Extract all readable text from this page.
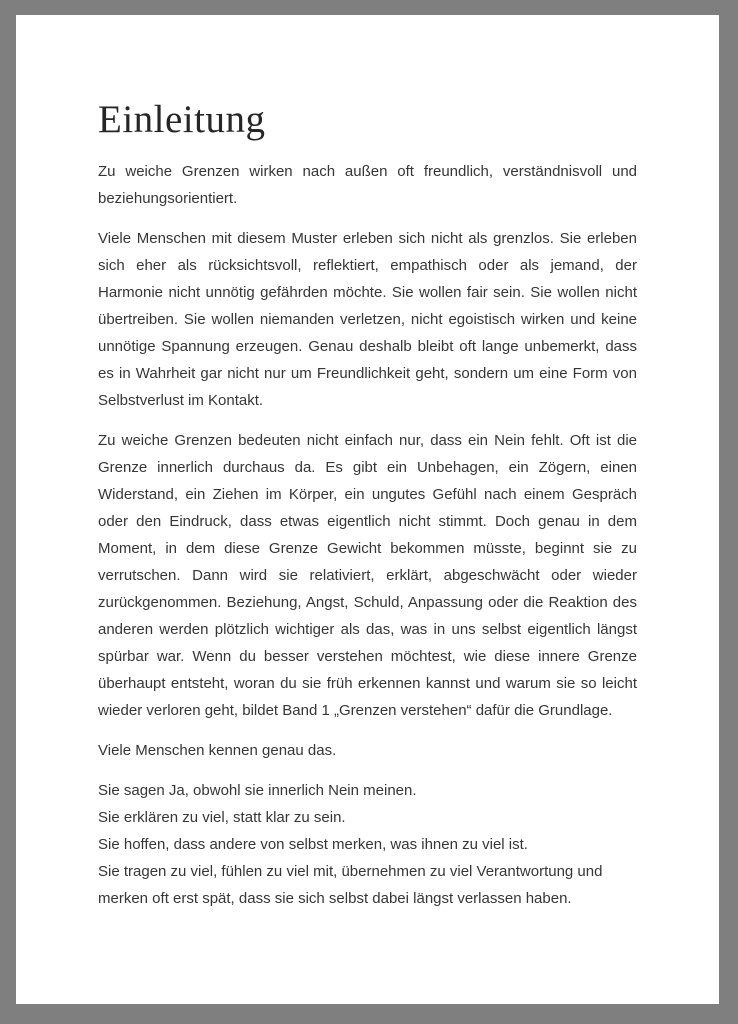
Einleitung

Zu weiche Grenzen wirken nach außen oft freundlich, verständnisvoll und beziehungsorientiert.

Viele Menschen mit diesem Muster erleben sich nicht als grenzlos. Sie erleben sich eher als rücksichtsvoll, reflektiert, empathisch oder als jemand, der Harmonie nicht unnötig gefährden möchte. Sie wollen fair sein. Sie wollen nicht übertreiben. Sie wollen niemanden verletzen, nicht egoistisch wirken und keine unnötige Spannung erzeugen. Genau deshalb bleibt oft lange unbemerkt, dass es in Wahrheit gar nicht nur um Freundlichkeit geht, sondern um eine Form von Selbstverlust im Kontakt.

Zu weiche Grenzen bedeuten nicht einfach nur, dass ein Nein fehlt. Oft ist die Grenze innerlich durchaus da. Es gibt ein Unbehagen, ein Zögern, einen Widerstand, ein Ziehen im Körper, ein ungutes Gefühl nach einem Gespräch oder den Eindruck, dass etwas eigentlich nicht stimmt. Doch genau in dem Moment, in dem diese Grenze Gewicht bekommen müsste, beginnt sie zu verrutschen. Dann wird sie relativiert, erklärt, abgeschwächt oder wieder zurückgenommen. Beziehung, Angst, Schuld, Anpassung oder die Reaktion des anderen werden plötzlich wichtiger als das, was in uns selbst eigentlich längst spürbar war. Wenn du besser verstehen möchtest, wie diese innere Grenze überhaupt entsteht, woran du sie früh erkennen kannst und warum sie so leicht wieder verloren geht, bildet Band 1 „Grenzen verstehen“ dafür die Grundlage.

Viele Menschen kennen genau das.

Sie sagen Ja, obwohl sie innerlich Nein meinen.
Sie erklären zu viel, statt klar zu sein.
Sie hoffen, dass andere von selbst merken, was ihnen zu viel ist.
Sie tragen zu viel, fühlen zu viel mit, übernehmen zu viel Verantwortung und merken oft erst spät, dass sie sich selbst dabei längst verlassen haben.
